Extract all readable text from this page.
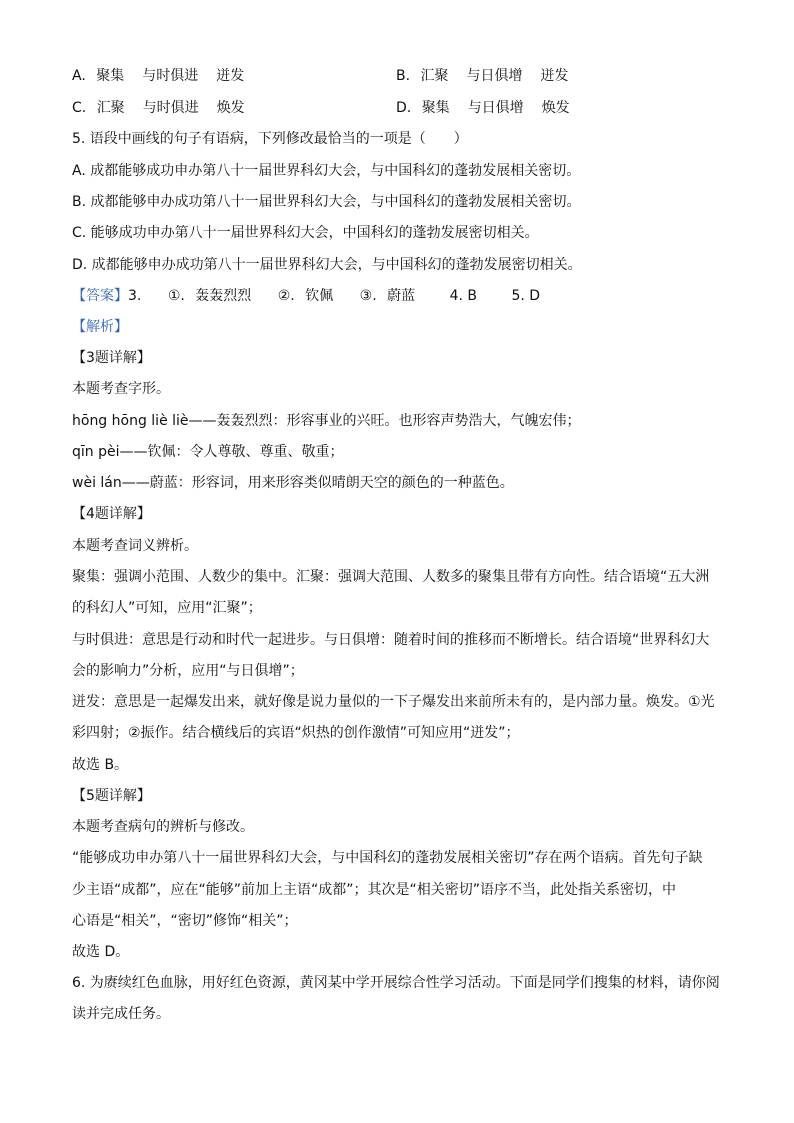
A. 聚集 与时俱进 迸发	B. 汇聚 与日俱增 迸发
C. 汇聚 与时俱进 焕发	D. 聚集 与日俱增 焕发
5. 语段中画线的句子有语病，下列修改最恰当的一项是（　　）
A. 成都能够成功申办第八十一届世界科幻大会，与中国科幻的蓬勃发展相关密切。
B. 成都能够申办成功第八十一届世界科幻大会，与中国科幻的蓬勃发展相关密切。
C. 能够成功申办第八十一届世界科幻大会，中国科幻的蓬勃发展密切相关。
D. 成都能够申办成功第八十一届世界科幻大会，与中国科幻的蓬勃发展密切相关。
【答案】3. ①. 轰轰烈烈 ②. 钦佩 ③. 蔚蓝 4. B 5. D
【解析】
【3题详解】
本题考查字形。
hōng hōng liè liè——轰轰烈烈：形容事业的兴旺。也形容声势浩大，气魄宏伟；
qīn pèi——钦佩：令人尊敬、尊重、敬重；
wèi lán——蔚蓝：形容词，用来形容类似晴朗天空的颜色的一种蓝色。
【4题详解】
本题考查词义辨析。
聚集：强调小范围、人数少的集中。汇聚：强调大范围、人数多的聚集且带有方向性。结合语境“五大洲
的科幻人”可知，应用“汇聚”；
与时俱进：意思是行动和时代一起进步。与日俱增：随着时间的推移而不断增长。结合语境“世界科幻大
会的影响力”分析，应用“与日俱增”；
迸发：意思是一起爆发出来，就好像是说力量似的一下子爆发出来前所未有的，是内部力量。焕发。①光
彩四射；②振作。结合横线后的宾语“炽热的创作激情”可知应用“迸发”；
故选 B。
【5题详解】
本题考查病句的辨析与修改。
“能够成功申办第八十一届世界科幻大会，与中国科幻的蓬勃发展相关密切”存在两个语病。首先句子缺
少主语“成都”，应在“能够”前加上主语“成都”；其次是“相关密切”语序不当，此处指关系密切，中
心语是“相关”，“密切”修饰“相关”；
故选 D。
6. 为赓续红色血脉，用好红色资源，黄冈某中学开展综合性学习活动。下面是同学们搜集的材料，请你阅
读并完成任务。
